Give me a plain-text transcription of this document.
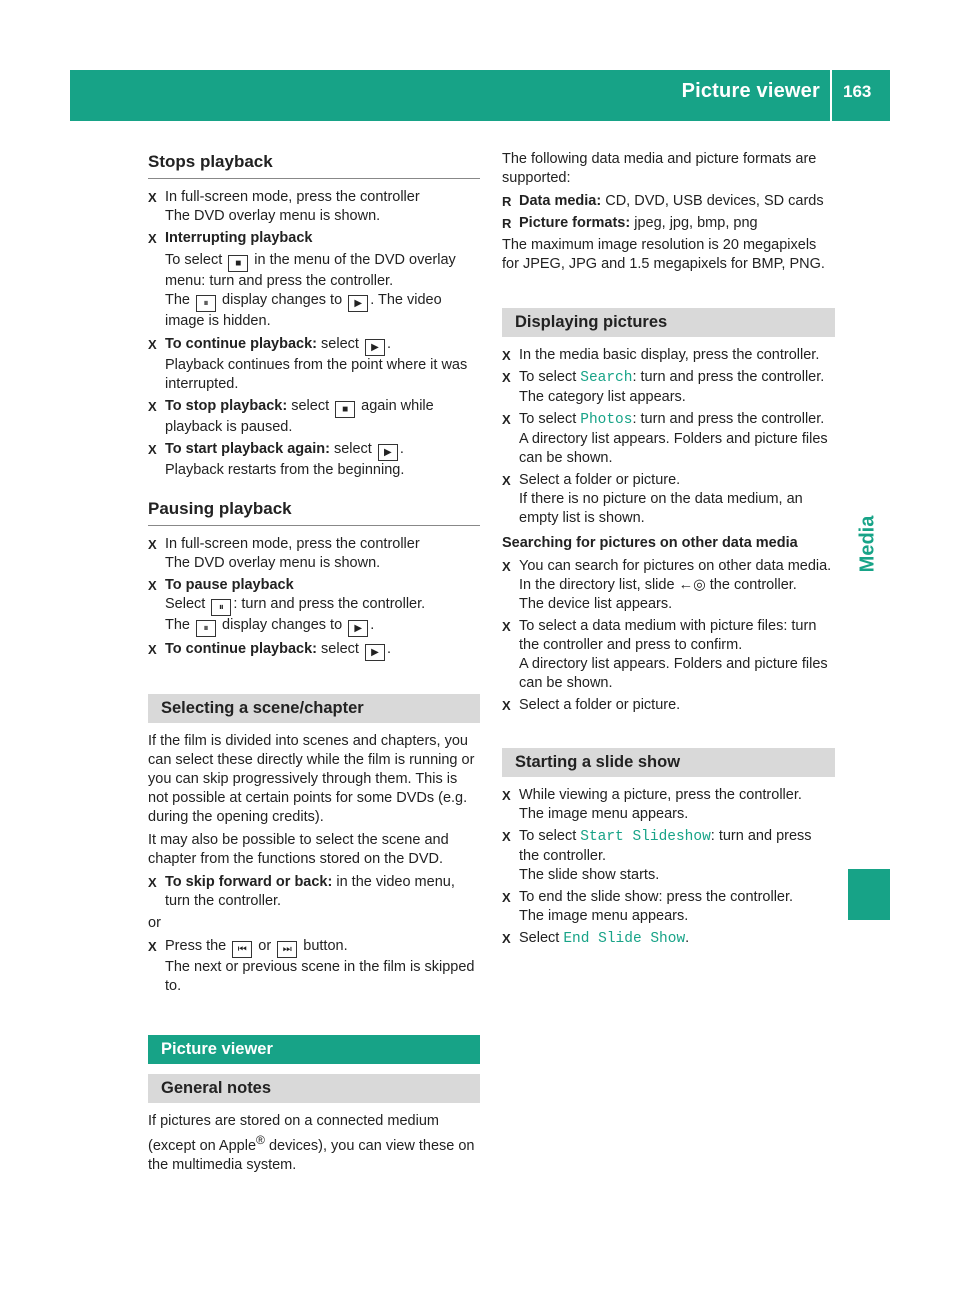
Picture viewer 163
Media
Stops playback
X In full-screen mode, press the controller
The DVD overlay menu is shown.
X Interrupting playback
To select ■ in the menu of the DVD overlay menu: turn and press the controller.
The ⏸ display changes to ▶ . The video image is hidden.
X To continue playback: select ▶ .
Playback continues from the point where it was interrupted.
X To stop playback: select ■ again while playback is paused.
X To start playback again: select ▶ .
Playback restarts from the beginning.
Pausing playback
X In full-screen mode, press the controller
The DVD overlay menu is shown.
X To pause playback
Select ⏸ : turn and press the controller.
The ⏸ display changes to ▶ .
X To continue playback: select ▶ .
Selecting a scene/chapter
If the film is divided into scenes and chapters, you can select these directly while the film is running or you can skip progressively through them. This is not possible at certain points for some DVDs (e.g. during the opening credits).
It may also be possible to select the scene and chapter from the functions stored on the DVD.
X To skip forward or back: in the video menu, turn the controller.
or
X Press the ⏮ or ⏭ button.
The next or previous scene in the film is skipped to.
Picture viewer
General notes
If pictures are stored on a connected medium (except on Apple® devices), you can view these on the multimedia system.
The following data media and picture formats are supported:
R Data media: CD, DVD, USB devices, SD cards
R Picture formats: jpeg, jpg, bmp, png
The maximum image resolution is 20 megapixels for JPEG, JPG and 1.5 megapixels for BMP, PNG.
Displaying pictures
X In the media basic display, press the controller.
X To select Search: turn and press the controller.
The category list appears.
X To select Photos: turn and press the controller.
A directory list appears. Folders and picture files can be shown.
X Select a folder or picture.
If there is no picture on the data medium, an empty list is shown.
Searching for pictures on other data media
X You can search for pictures on other data media.
In the directory list, slide ←◎ the controller.
The device list appears.
X To select a data medium with picture files: turn the controller and press to confirm.
A directory list appears. Folders and picture files can be shown.
X Select a folder or picture.
Starting a slide show
X While viewing a picture, press the controller.
The image menu appears.
X To select Start Slideshow: turn and press the controller.
The slide show starts.
X To end the slide show: press the controller.
The image menu appears.
X Select End Slide Show.
